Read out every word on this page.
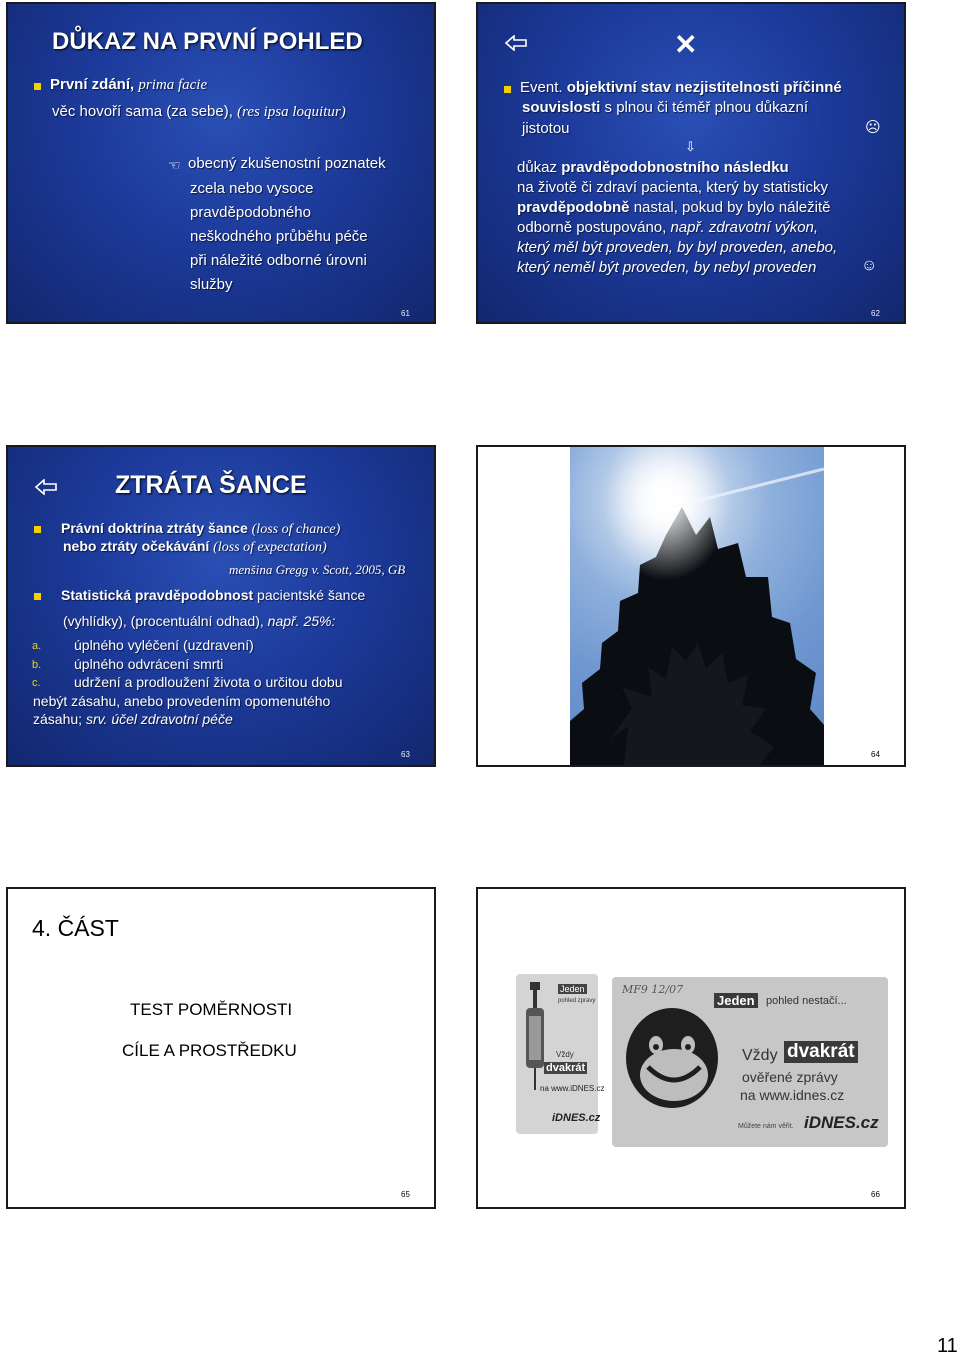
DŮKAZ NA PRVNÍ POHLED
První zdání, prima facie
věc hovoří sama (za sebe), (res ipsa loquitur)
☜ obecný zkušenostní poznatek
zcela nebo vysoce
pravděpodobného
neškodného průběhu péče
při náležité odborné úrovni
služby
61
✕
Event. objektivní stav nezjistitelnosti příčinné
souvislosti s plnou či téměř plnou důkazní
jistotou	☹
⇩
důkaz pravděpodobnostního následku
na životě či zdraví pacienta, který by statisticky
pravděpodobně nastal, pokud by bylo náležitě
odborně postupováno, např. zdravotní výkon,
který měl být proveden, by byl proveden, anebo,
který neměl být proveden, by nebyl proveden	☺
62
ZTRÁTA ŠANCE
Právní doktrína ztráty šance (loss of chance)
nebo ztráty očekávání (loss of expectation)
menšina Gregg v. Scott, 2005, GB
Statistická pravděpodobnost pacientské šance
(vyhlídky), (procentuální odhad), např. 25%:
a. úplného vyléčení (uzdravení)
b. úplného odvrácení smrti
c. udržení a prodloužení života o určitou dobu
nebýt zásahu, anebo provedením opomenutého
zásahu; srv. účel zdravotní péče
63	64
4. ČÁST
TEST POMĚRNOSTI
CÍLE A PROSTŘEDKU
65
Jeden
pohled zpravy
Vždy
dvakrát
na www.iDNES.cz
iDNES.cz
MF9 12/07
Jeden pohled nestačí...
Vždy dvakrát
ověřené zprávy
na www.idnes.cz
Můžete nám věřit. iDNES.cz
66
11
